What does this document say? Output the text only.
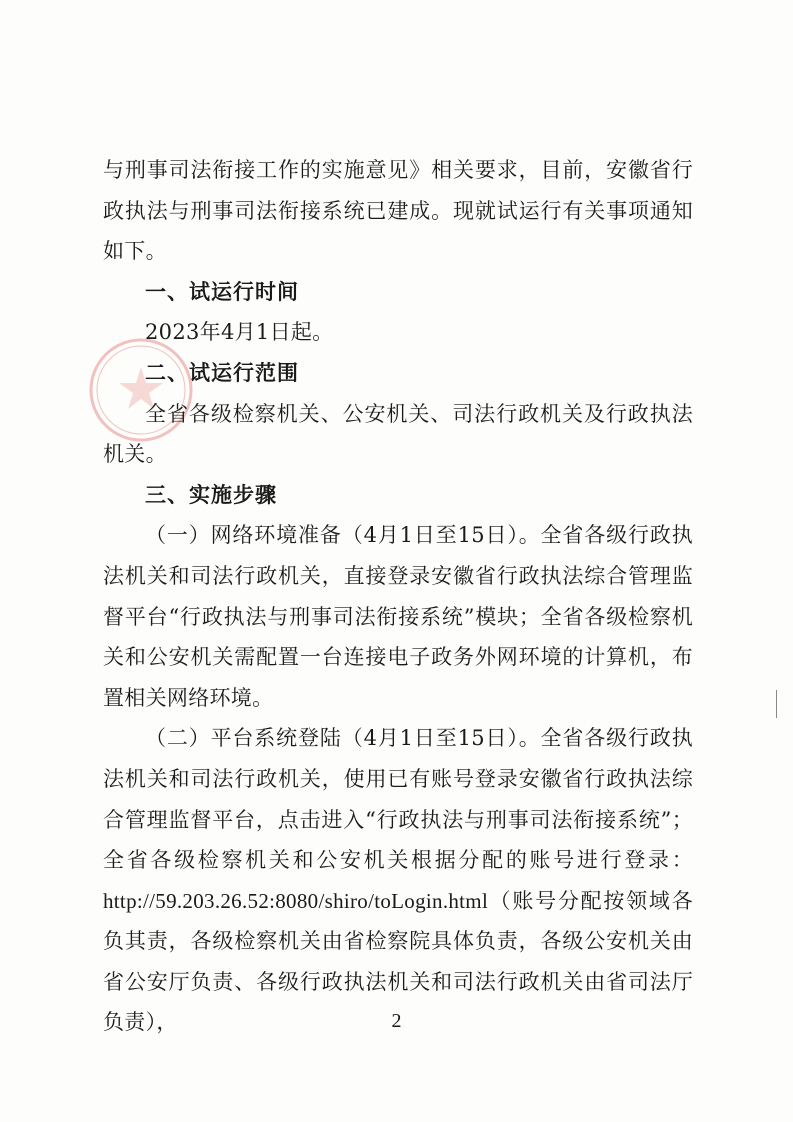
与刑事司法衔接工作的实施意见》相关要求，目前，安徽省行政执法与刑事司法衔接系统已建成。现就试运行有关事项通知如下。

一、试运行时间

2023年4月1日起。

二、试运行范围

全省各级检察机关、公安机关、司法行政机关及行政执法机关。

三、实施步骤

（一）网络环境准备（4月1日至15日）。全省各级行政执法机关和司法行政机关，直接登录安徽省行政执法综合管理监督平台“行政执法与刑事司法衔接系统”模块；全省各级检察机关和公安机关需配置一台连接电子政务外网环境的计算机，布置相关网络环境。

（二）平台系统登陆（4月1日至15日）。全省各级行政执法机关和司法行政机关，使用已有账号登录安徽省行政执法综合管理监督平台，点击进入“行政执法与刑事司法衔接系统”；全省各级检察机关和公安机关根据分配的账号进行登录：

http://59.203.26.52:8080/shiro/toLogin.html（账号分配按领域各负其责，各级检察机关由省检察院具体负责，各级公安机关由省公安厅负责、各级行政执法机关和司法行政机关由省司法厅负责），	2
